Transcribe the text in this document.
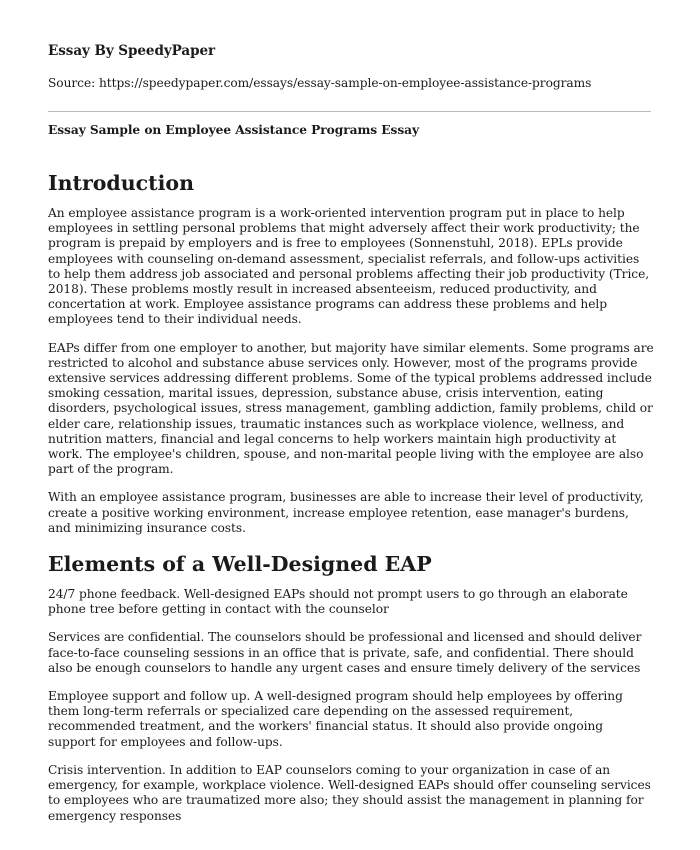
Essay By SpeedyPaper

Source: https://speedypaper.com/essays/essay-sample-on-employee-assistance-programs

Essay Sample on Employee Assistance Programs Essay

Introduction

An employee assistance program is a work-oriented intervention program put in place to help employees in settling personal problems that might adversely affect their work productivity; the program is prepaid by employers and is free to employees (Sonnenstuhl, 2018). EPLs provide employees with counseling on-demand assessment, specialist referrals, and follow-ups activities to help them address job associated and personal problems affecting their job productivity (Trice, 2018). These problems mostly result in increased absenteeism, reduced productivity, and concertation at work. Employee assistance programs can address these problems and help employees tend to their individual needs.

EAPs differ from one employer to another, but majority have similar elements. Some programs are restricted to alcohol and substance abuse services only. However, most of the programs provide extensive services addressing different problems. Some of the typical problems addressed include smoking cessation, marital issues, depression, substance abuse, crisis intervention, eating disorders, psychological issues, stress management, gambling addiction, family problems, child or elder care, relationship issues, traumatic instances such as workplace violence, wellness, and nutrition matters, financial and legal concerns to help workers maintain high productivity at work. The employee's children, spouse, and non-marital people living with the employee are also part of the program.

With an employee assistance program, businesses are able to increase their level of productivity, create a positive working environment, increase employee retention, ease manager's burdens, and minimizing insurance costs.

Elements of a Well-Designed EAP

24/7 phone feedback. Well-designed EAPs should not prompt users to go through an elaborate phone tree before getting in contact with the counselor

Services are confidential. The counselors should be professional and licensed and should deliver face-to-face counseling sessions in an office that is private, safe, and confidential. There should also be enough counselors to handle any urgent cases and ensure timely delivery of the services

Employee support and follow up. A well-designed program should help employees by offering them long-term referrals or specialized care depending on the assessed requirement, recommended treatment, and the workers' financial status. It should also provide ongoing support for employees and follow-ups.

Crisis intervention. In addition to EAP counselors coming to your organization in case of an emergency, for example, workplace violence. Well-designed EAPs should offer counseling services to employees who are traumatized more also; they should assist the management in planning for emergency responses
